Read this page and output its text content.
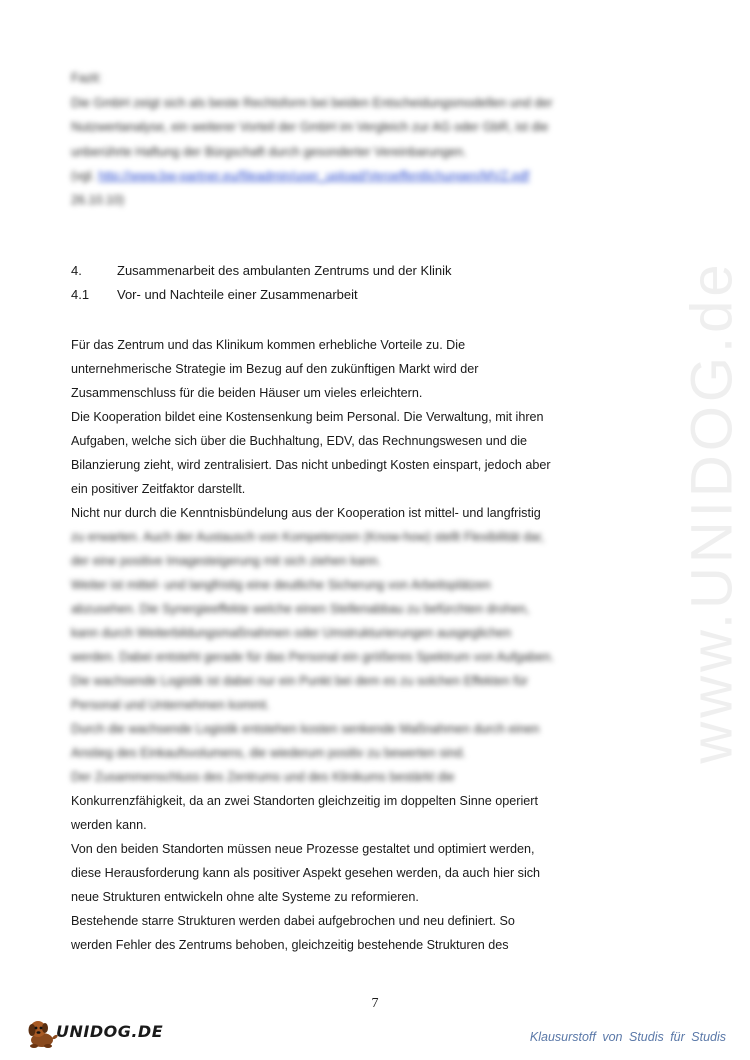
www.UNIDOG.de
Fazit:
Die GmbH zeigt sich als beste Rechtsform bei beiden Entscheidungsmodellen und der
Nutzwertanalyse, ein weiterer Vorteil der GmbH im Vergleich zur AG oder GbR, ist die
unberührte Haftung der Bürgschaft durch gesonderter Vereinbarungen.
(vgl. http://www.bw-partner.eu/fileadmin/user_upload/Veroeffentlichungen/MVZ.pdf
26.10.10)
4.	Zusammenarbeit des ambulanten Zentrums und der Klinik
4.1 Vor- und Nachteile einer Zusammenarbeit
Für das Zentrum und das Klinikum kommen erhebliche Vorteile zu. Die
unternehmerische Strategie im Bezug auf den zukünftigen Markt wird der
Zusammenschluss für die beiden Häuser um vieles erleichtern.
Die Kooperation bildet eine Kostensenkung beim Personal. Die Verwaltung, mit ihren
Aufgaben, welche sich über die Buchhaltung, EDV, das Rechnungswesen und die
Bilanzierung zieht, wird zentralisiert. Das nicht unbedingt Kosten einspart, jedoch aber
ein positiver Zeitfaktor darstellt.
Nicht nur durch die Kenntnisbündelung aus der Kooperation ist mittel- und langfristig
zu erwarten. Auch der Austausch von Kompetenzen (Know-how) stellt Flexibilität dar,
der eine positive Imagesteigerung mit sich ziehen kann.
Weiter ist mittel- und langfristig eine deutliche Sicherung von Arbeitsplätzen
abzusehen. Die Synergieeffekte welche einen Stellenabbau zu befürchten drohen,
kann durch Weiterbildungsmaßnahmen oder Umstrukturierungen ausgeglichen
werden. Dabei entsteht gerade für das Personal ein größeres Spektrum von Aufgaben.
Die wachsende Logistik ist dabei nur ein Punkt bei dem es zu solchen Effekten für
Personal und Unternehmen kommt.
Durch die wachsende Logistik entstehen kosten senkende Maßnahmen durch einen
Anstieg des Einkaufsvolumens, die wiederum positiv zu bewerten sind.
Der Zusammenschluss des Zentrums und des Klinikums bestärkt die
Konkurrenzfähigkeit, da an zwei Standorten gleichzeitig im doppelten Sinne operiert
werden kann.
Von den beiden Standorten müssen neue Prozesse gestaltet und optimiert werden,
diese Herausforderung kann als positiver Aspekt gesehen werden, da auch hier sich
neue Strukturen entwickeln ohne alte Systeme zu reformieren.
Bestehende starre Strukturen werden dabei aufgebrochen und neu definiert. So
werden Fehler des Zentrums behoben, gleichzeitig bestehende Strukturen des
7
UNIDOG.DE	Klausurstoff von Studis für Studis
